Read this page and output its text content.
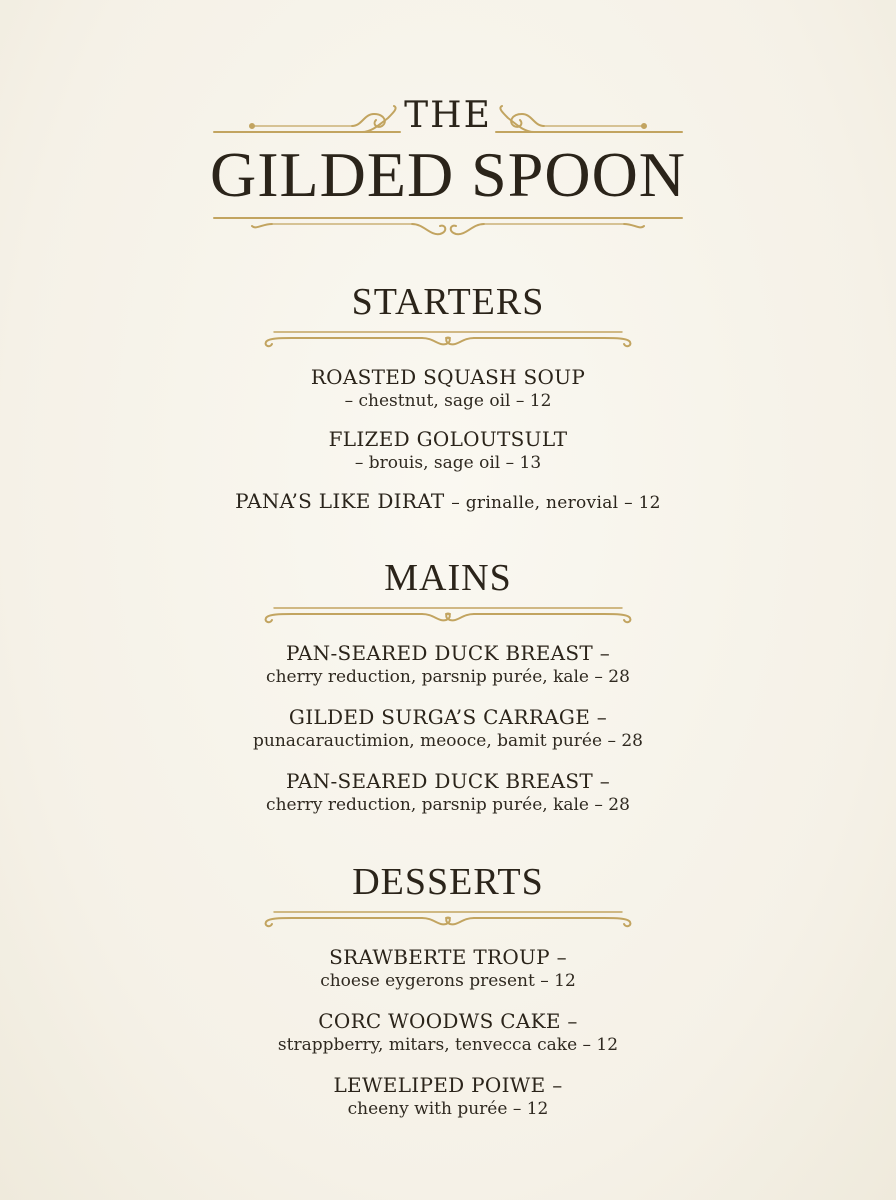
THE
GILDED SPOON
STARTERS
ROASTED SQUASH SOUP
– chestnut, sage oil – 12
FLIZED GOLOUTSULT
– brouis, sage oil – 13
PANA’S LIKE DIRAT – grinalle, nerovial – 12
MAINS
PAN-SEARED DUCK BREAST –
cherry reduction, parsnip purée, kale – 28
GILDED SURGA’S CARRAGE –
punacarauctimion, meooce, bamit purée – 28
PAN-SEARED DUCK BREAST –
cherry reduction, parsnip purée, kale – 28
DESSERTS
SRAWBERTE TROUP –
choese eygerons present – 12
CORC WOODWS CAKE –
strappberry, mitars, tenvecca cake – 12
LEWELIPED POIWE –
cheeny with purée – 12
